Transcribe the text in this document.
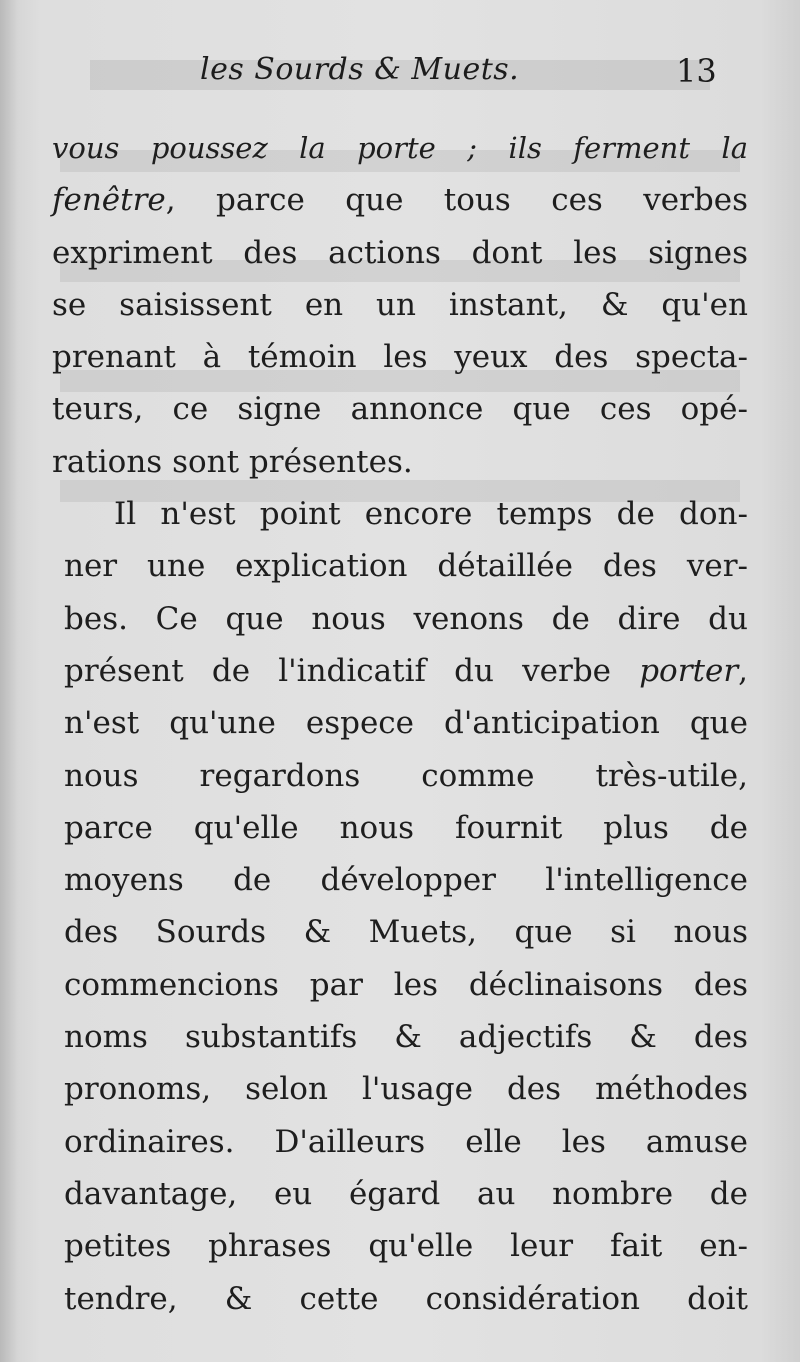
les Sourds & Muets.	13
vous poussez la porte ; ils ferment la
fenêtre, parce que tous ces verbes
expriment des actions dont les signes
se saisissent en un instant, & qu'en
prenant à témoin les yeux des specta-
teurs, ce signe annonce que ces opé-
rations sont présentes.
Il n'est point encore temps de don-
ner une explication détaillée des ver-
bes. Ce que nous venons de dire du
présent de l'indicatif du verbe porter,
n'est qu'une espece d'anticipation que
nous regardons comme très-utile,
parce qu'elle nous fournit plus de
moyens de développer l'intelligence
des Sourds & Muets, que si nous
commencions par les déclinaisons des
noms substantifs & adjectifs & des
pronoms, selon l'usage des méthodes
ordinaires. D'ailleurs elle les amuse
davantage, eu égard au nombre de
petites phrases qu'elle leur fait en-
tendre, & cette considération doit
